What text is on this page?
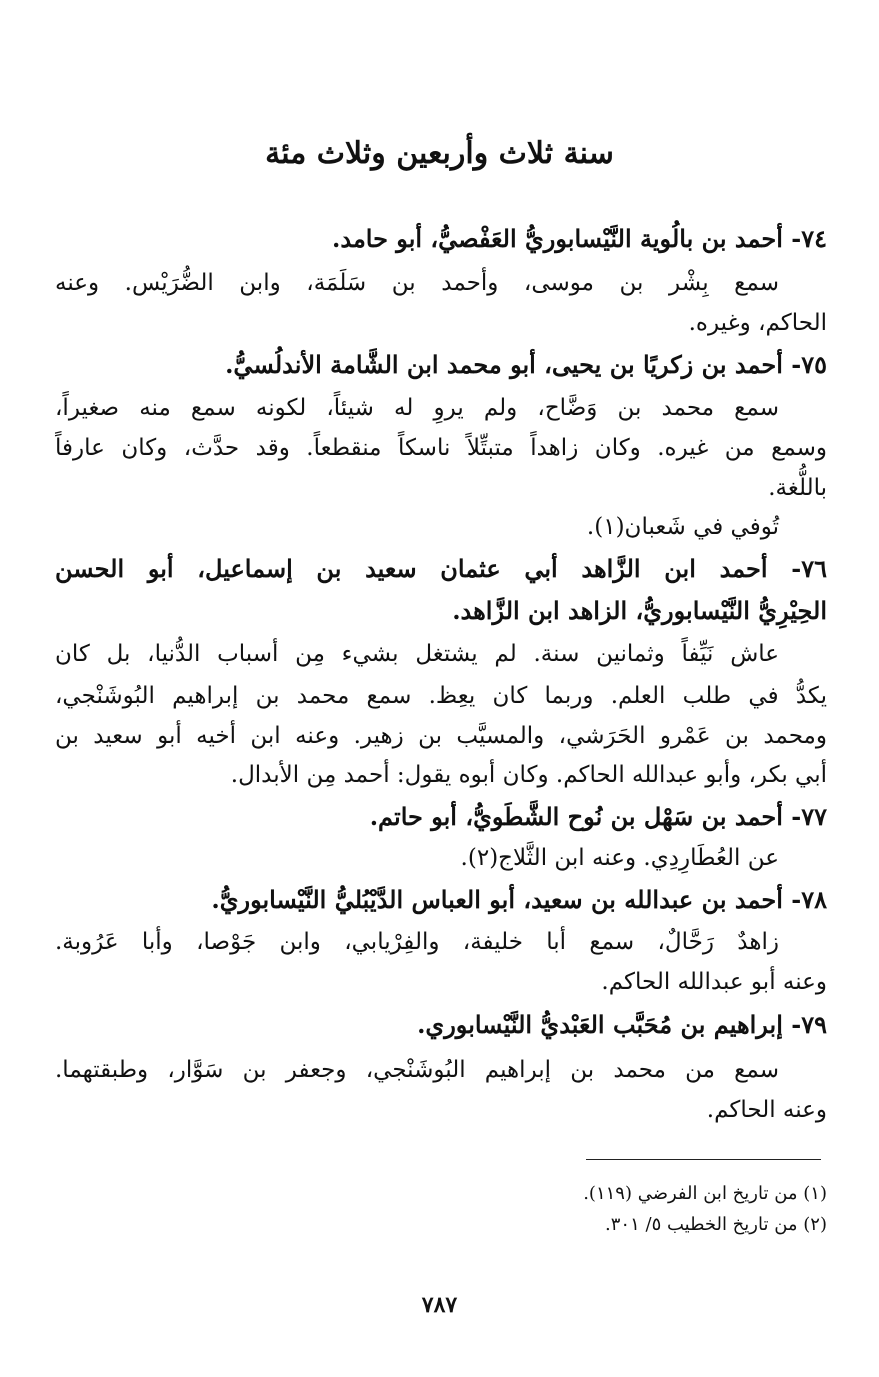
سنة ثلاث وأربعين وثلاث مئة
٧٤- أحمد بن بالُوية النَّيْسابوريُّ العَفْصيُّ، أبو حامد.
سمع بِشْر بن موسى، وأحمد بن سَلَمَة، وابن الضُّرَيْس. وعنه
الحاكم، وغيره.
٧٥- أحمد بن زكريًا بن يحيى، أبو محمد ابن الشَّامة الأندلُسيُّ.
سمع محمد بن وَضَّاح، ولم يروِ له شيئاً، لكونه سمع منه صغيراً،
وسمع من غيره. وكان زاهداً متبتِّلاً ناسكاً منقطعاً. وقد حدَّث، وكان عارفاً
باللُّغة.
تُوفي في شَعبان(١).
٧٦- أحمد ابن الزَّاهد أبي عثمان سعيد بن إسماعيل، أبو الحسن
الحِيْرِيُّ النَّيْسابوريُّ، الزاهد ابن الزَّاهد.
عاش نَيِّفاً وثمانين سنة. لم يشتغل بشيء مِن أسباب الدُّنيا، بل كان
يكدُّ في طلب العلم. وربما كان يعِظ. سمع محمد بن إبراهيم البُوشَنْجي،
ومحمد بن عَمْرو الحَرَشي، والمسيَّب بن زهير. وعنه ابن أخيه أبو سعيد بن
أبي بكر، وأبو عبدالله الحاكم. وكان أبوه يقول: أحمد مِن الأبدال.
٧٧- أحمد بن سَهْل بن نُوح الشَّطَويُّ، أبو حاتم.
عن العُطَارِدِي. وعنه ابن الثَّلاج(٢).
٧٨- أحمد بن عبدالله بن سعيد، أبو العباس الدَّيْبُليُّ النَّيْسابوريُّ.
زاهدٌ رَحَّالٌ، سمع أبا خليفة، والفِرْيابي، وابن جَوْصا، وأبا عَرُوبة.
وعنه أبو عبدالله الحاكم.
٧٩- إبراهيم بن مُحَبَّب العَبْديُّ النَّيْسابوري.
سمع من محمد بن إبراهيم البُوشَنْجي، وجعفر بن سَوَّار، وطبقتهما.
وعنه الحاكم.
(١) من تاريخ ابن الفرضي (١١٩).
(٢) من تاريخ الخطيب ٥/ ٣٠١.
٧٨٧
